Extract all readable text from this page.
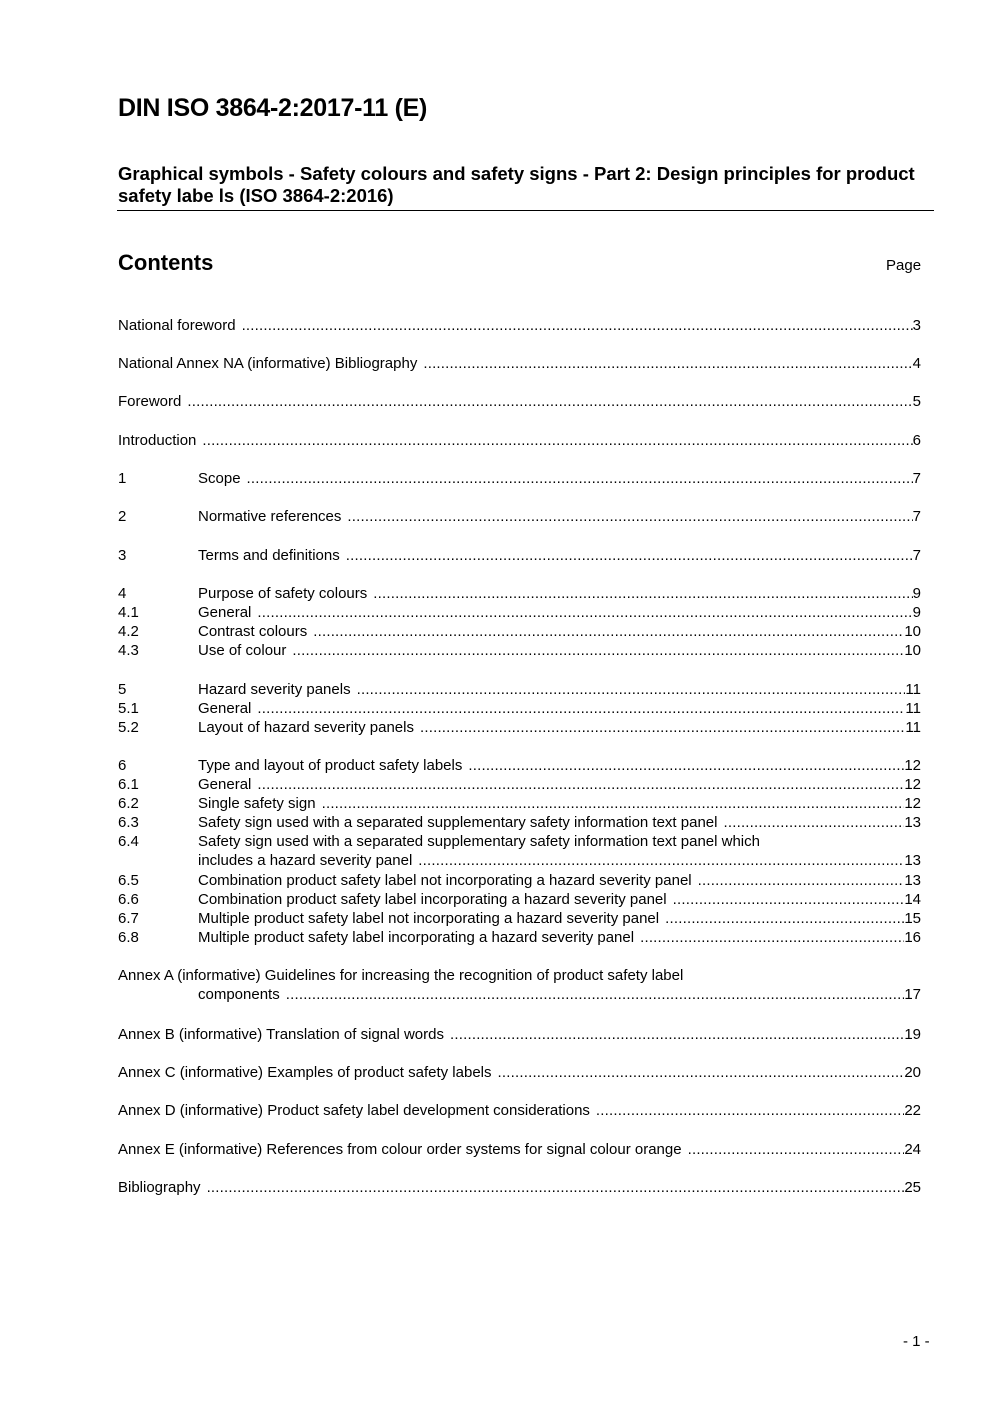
DIN ISO 3864-2:2017-11 (E)
Graphical symbols - Safety colours and safety signs - Part 2: Design principles for product safety labe ls (ISO 3864-2:2016)
Contents	Page
National foreword .....	3
National Annex NA (informative) Bibliography .....	4
Foreword .....	5
Introduction .....	6
1	Scope .....	7
2	Normative references .....	7
3	Terms and definitions .....	7
4	Purpose of safety colours .....	9
4.1	General .....	9
4.2	Contrast colours .....	10
4.3	Use of colour .....	10
5	Hazard severity panels .....	11
5.1	General .....	11
5.2	Layout of hazard severity panels .....	11
6	Type and layout of product safety labels .....	12
6.1	General .....	12
6.2	Single safety sign .....	12
6.3	Safety sign used with a separated supplementary safety information text panel .....	13
6.4	Safety sign used with a separated supplementary safety information text panel which
includes a hazard severity panel .....	13
6.5	Combination product safety label not incorporating a hazard severity panel .....	13
6.6	Combination product safety label incorporating a hazard severity panel .....	14
6.7	Multiple product safety label not incorporating a hazard severity panel .....	15
6.8	Multiple product safety label incorporating a hazard severity panel .....	16
Annex A (informative) Guidelines for increasing the recognition of product safety label
components .....	17
Annex B (informative) Translation of signal words .....	19
Annex C (informative) Examples of product safety labels .....	20
Annex D (informative) Product safety label development considerations .....	22
Annex E (informative) References from colour order systems for signal colour orange .....	24
Bibliography .....	25
- 1 -
